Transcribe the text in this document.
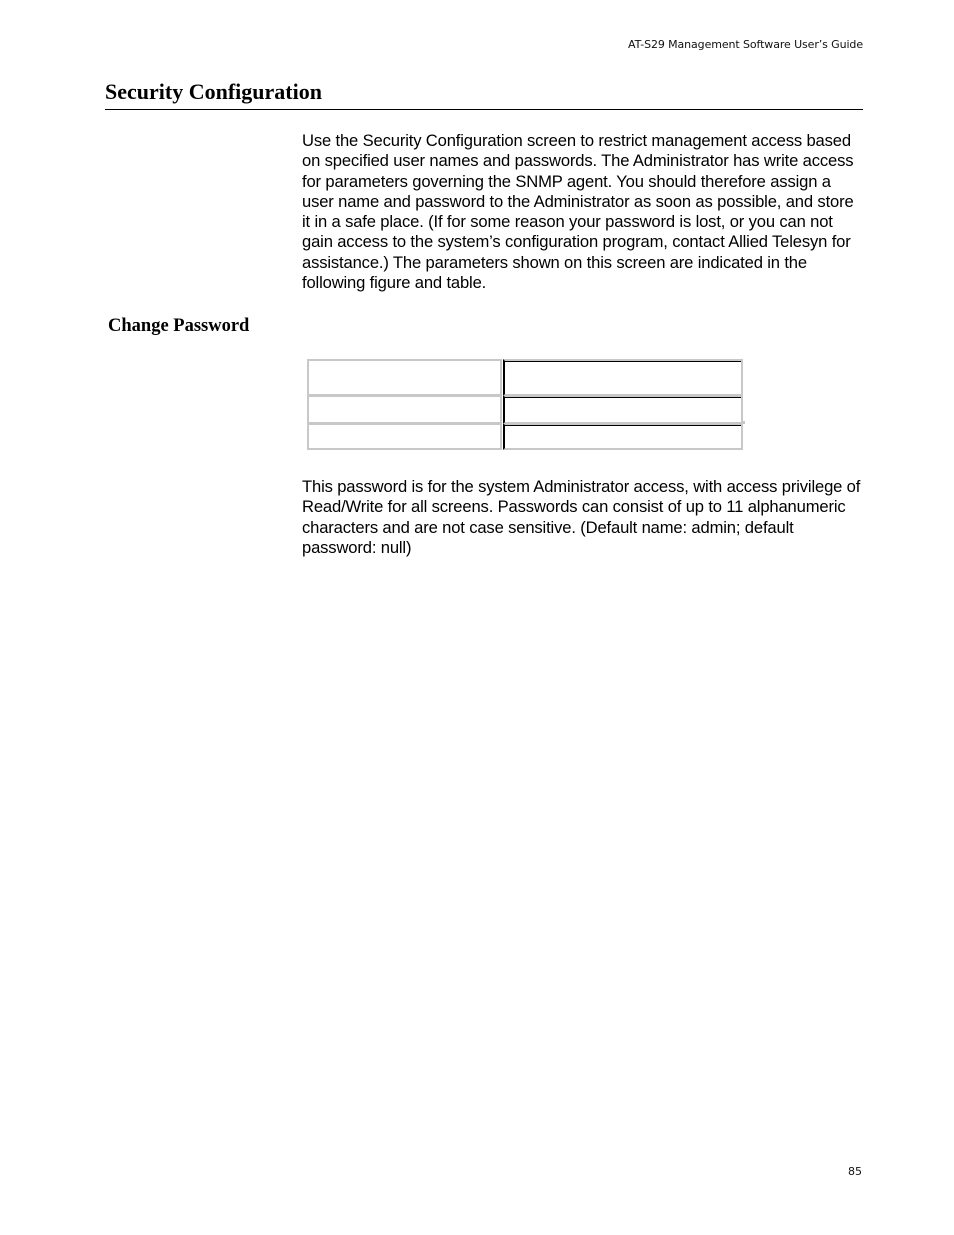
AT-S29 Management Software User’s Guide
Security Configuration

Use the Security Configuration screen to restrict management access based on specified user names and passwords. The Administrator has write access for parameters governing the SNMP agent. You should therefore assign a user name and password to the Administrator as soon as possible, and store it in a safe place. (If for some reason your password is lost, or you can not gain access to the system’s configuration program, contact Allied Telesyn for assistance.) The parameters shown on this screen are indicated in the following figure and table.

Change Password

This password is for the system Administrator access, with access privilege of Read/Write for all screens. Passwords can consist of up to 11 alphanumeric characters and are not case sensitive. (Default name: admin; default password: null)

85
